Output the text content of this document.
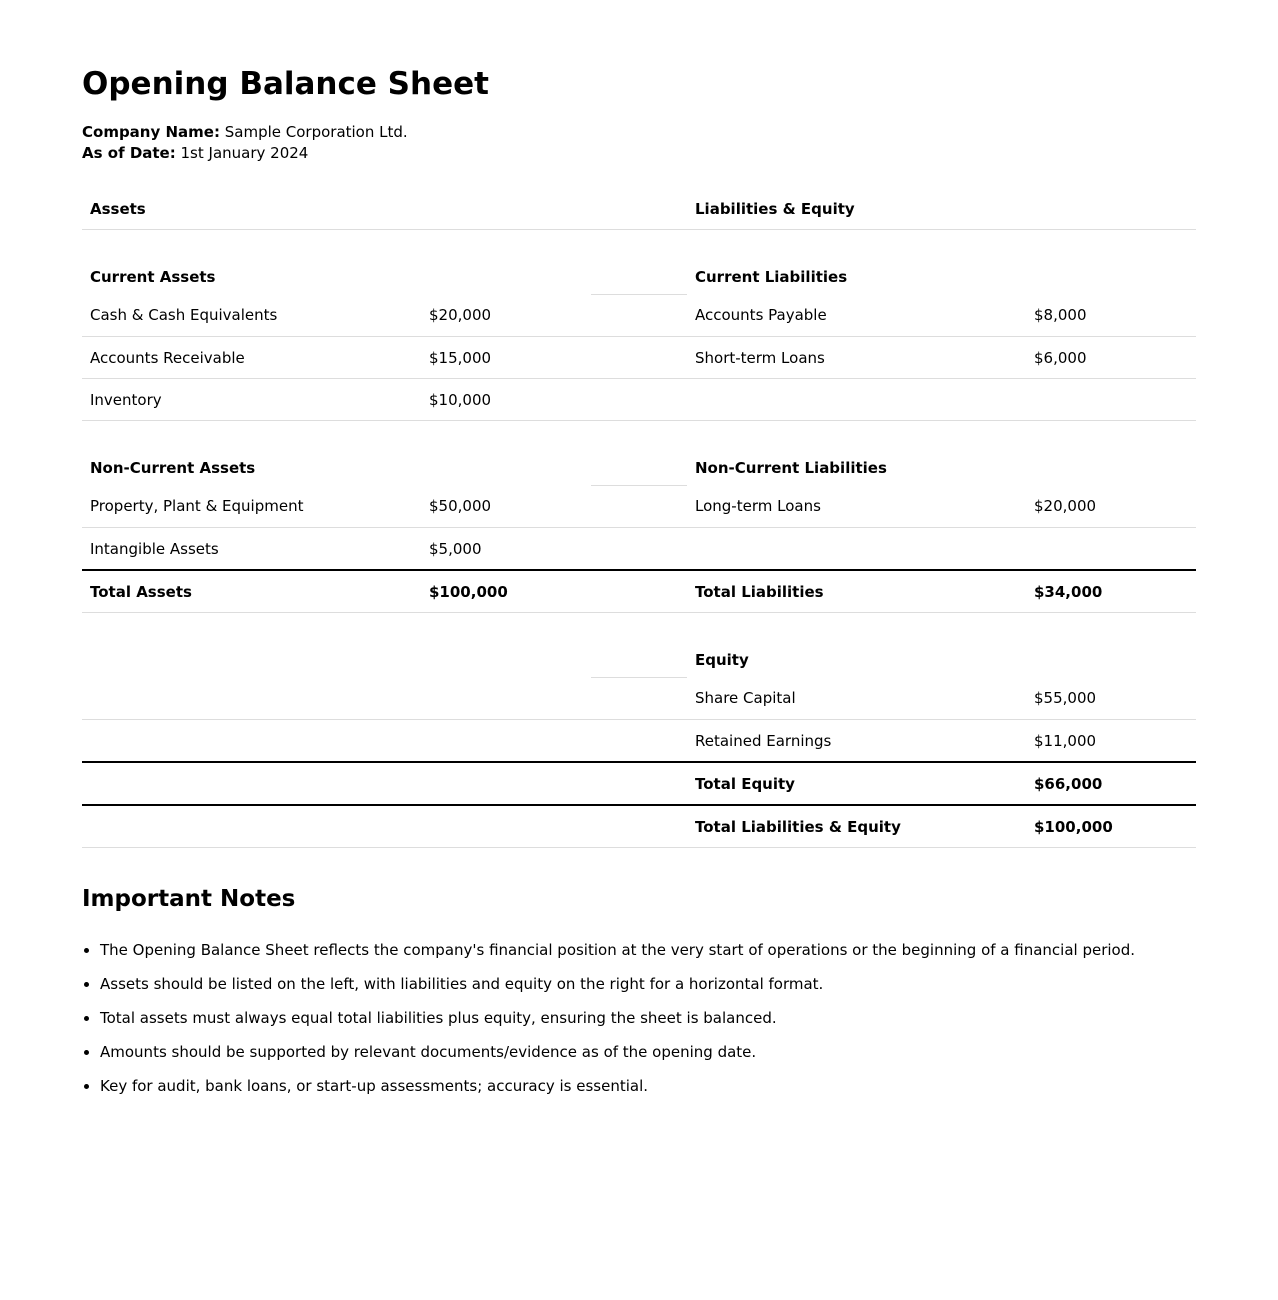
Opening Balance Sheet
Company Name: Sample Corporation Ltd.
As of Date: 1st January 2024
Assets			Liabilities & Equity	
Current Assets			Current Liabilities	
Cash & Cash Equivalents	$20,000		Accounts Payable	$8,000
Accounts Receivable	$15,000		Short-term Loans	$6,000
Inventory	$10,000			
Non-Current Assets			Non-Current Liabilities	
Property, Plant & Equipment	$50,000		Long-term Loans	$20,000
Intangible Assets	$5,000			
Total Assets	$100,000		Total Liabilities	$34,000
			Equity	
			Share Capital	$55,000
			Retained Earnings	$11,000
			Total Equity	$66,000
			Total Liabilities & Equity	$100,000
Important Notes
• The Opening Balance Sheet reflects the company's financial position at the very start of operations or the beginning of a financial period.
• Assets should be listed on the left, with liabilities and equity on the right for a horizontal format.
• Total assets must always equal total liabilities plus equity, ensuring the sheet is balanced.
• Amounts should be supported by relevant documents/evidence as of the opening date.
• Key for audit, bank loans, or start-up assessments; accuracy is essential.
